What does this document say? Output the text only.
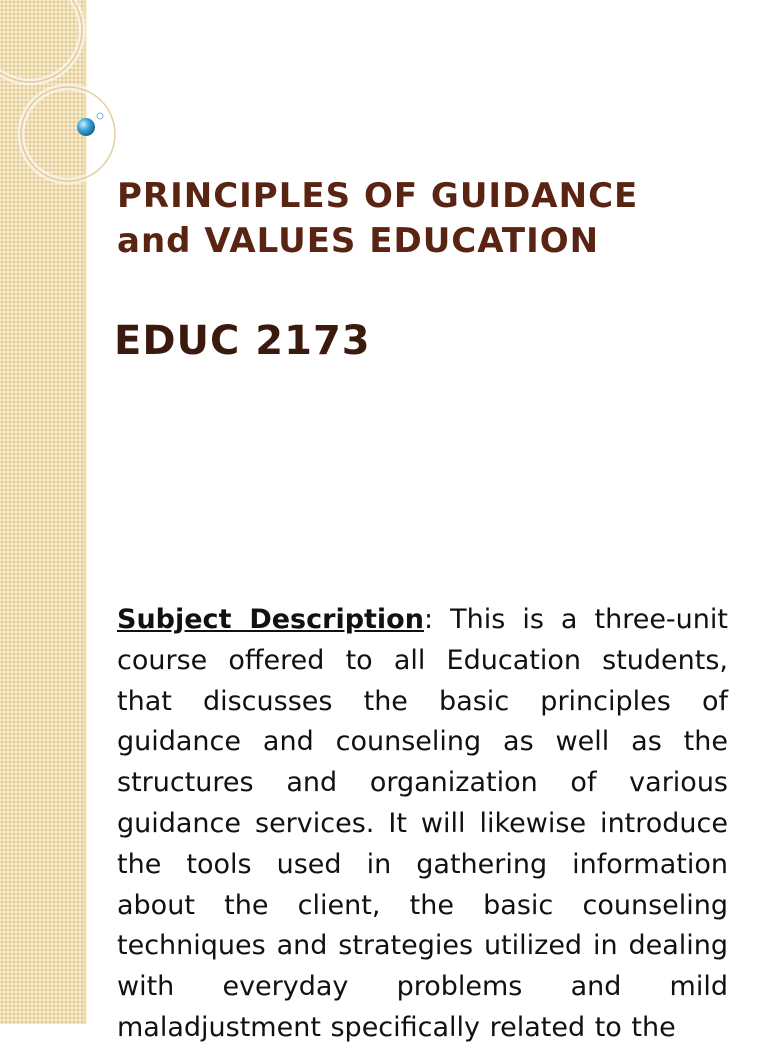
PRINCIPLES OF GUIDANCE
and VALUES EDUCATION
EDUC 2173

Subject Description: This is a three-unit course offered to all Education students, that discusses the basic principles of guidance and counseling as well as the structures and organization of various guidance services. It will likewise introduce the tools used in gathering information about the client, the basic counseling techniques and strategies utilized in dealing with everyday problems and mild maladjustment specifically related to the
